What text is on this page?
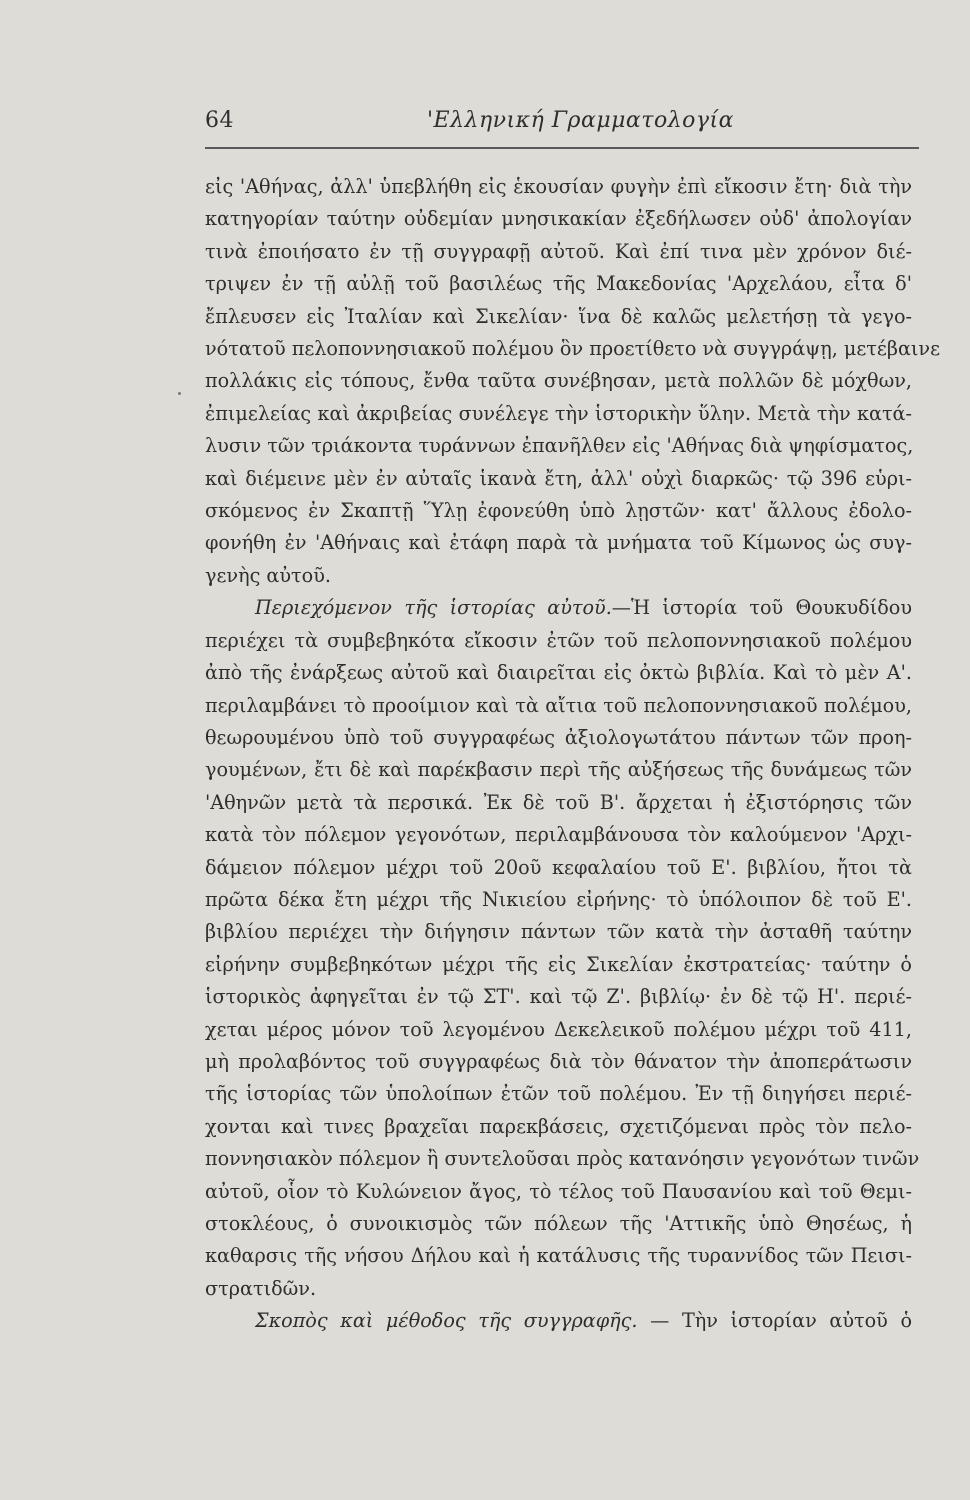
64	'Ελληνική Γραμματολογία
εἰς 'Αθήνας, ἀλλ' ὑπεβλήθη εἰς ἑκουσίαν φυγὴν ἐπὶ εἴκοσιν ἔτη· διὰ τὴν
κατηγορίαν ταύτην οὐδεμίαν μνησικακίαν ἐξεδήλωσεν οὐδ' ἀπολογίαν
τινὰ ἐποιήσατο ἐν τῇ συγγραφῇ αὐτοῦ. Καὶ ἐπί τινα μὲν χρόνον διέ-
τριψεν ἐν τῇ αὐλῇ τοῦ βασιλέως τῆς Μακεδονίας 'Αρχελάου, εἶτα δ'
ἔπλευσεν εἰς Ἰταλίαν καὶ Σικελίαν· ἵνα δὲ καλῶς μελετήσῃ τὰ γεγο-
νότατοῦ πελοποννησιακοῦ πολέμου ὃν προετίθετο νὰ συγγράψῃ, μετέβαινε
πολλάκις εἰς τόπους, ἔνθα ταῦτα συνέβησαν, μετὰ πολλῶν δὲ μόχθων,
ἐπιμελείας καὶ ἀκριβείας συνέλεγε τὴν ἱστορικὴν ὕλην. Μετὰ τὴν κατά-
λυσιν τῶν τριάκοντα τυράννων ἐπανῆλθεν εἰς 'Αθήνας διὰ ψηφίσματος,
καὶ διέμεινε μὲν ἐν αὐταῖς ἱκανὰ ἔτη, ἀλλ' οὐχὶ διαρκῶς· τῷ 396 εὑρι-
σκόμενος ἐν Σκαπτῇ Ὕλῃ ἐφονεύθη ὑπὸ λῃστῶν· κατ' ἄλλους ἐδολο-
φονήθη ἐν 'Αθήναις καὶ ἐτάφη παρὰ τὰ μνήματα τοῦ Κίμωνος ὡς συγ-
γενὴς αὐτοῦ.
Περιεχόμενον τῆς ἱστορίας αὐτοῦ.—Ἡ ἱστορία τοῦ Θουκυδίδου
περιέχει τὰ συμβεβηκότα εἴκοσιν ἐτῶν τοῦ πελοποννησιακοῦ πολέμου
ἀπὸ τῆς ἐνάρξεως αὐτοῦ καὶ διαιρεῖται εἰς ὀκτὼ βιβλία. Καὶ τὸ μὲν Α'.
περιλαμβάνει τὸ προοίμιον καὶ τὰ αἴτια τοῦ πελοποννησιακοῦ πολέμου,
θεωρουμένου ὑπὸ τοῦ συγγραφέως ἀξιολογωτάτου πάντων τῶν προη-
γουμένων, ἔτι δὲ καὶ παρέκβασιν περὶ τῆς αὐξήσεως τῆς δυνάμεως τῶν
'Αθηνῶν μετὰ τὰ περσικά. Ἐκ δὲ τοῦ Β'. ἄρχεται ἡ ἐξιστόρησις τῶν
κατὰ τὸν πόλεμον γεγονότων, περιλαμβάνουσα τὸν καλούμενον 'Αρχι-
δάμειον πόλεμον μέχρι τοῦ 20οῦ κεφαλαίου τοῦ Ε'. βιβλίου, ἤτοι τὰ
πρῶτα δέκα ἔτη μέχρι τῆς Νικιείου εἰρήνης· τὸ ὑπόλοιπον δὲ τοῦ Ε'.
βιβλίου περιέχει τὴν διήγησιν πάντων τῶν κατὰ τὴν ἀσταθῆ ταύτην
εἰρήνην συμβεβηκότων μέχρι τῆς εἰς Σικελίαν ἐκστρατείας· ταύτην ὁ
ἱστορικὸς ἀφηγεῖται ἐν τῷ ΣΤ'. καὶ τῷ Ζ'. βιβλίῳ· ἐν δὲ τῷ Η'. περιέ-
χεται μέρος μόνον τοῦ λεγομένου Δεκελεικοῦ πολέμου μέχρι τοῦ 411,
μὴ προλαβόντος τοῦ συγγραφέως διὰ τὸν θάνατον τὴν ἀποπεράτωσιν
τῆς ἱστορίας τῶν ὑπολοίπων ἐτῶν τοῦ πολέμου. Ἐν τῇ διηγήσει περιέ-
χονται καὶ τινες βραχεῖαι παρεκβάσεις, σχετιζόμεναι πρὸς τὸν πελο-
ποννησιακὸν πόλεμον ἢ συντελοῦσαι πρὸς κατανόησιν γεγονότων τινῶν
αὐτοῦ, οἷον τὸ Κυλώνειον ἄγος, τὸ τέλος τοῦ Παυσανίου καὶ τοῦ Θεμι-
στοκλέους, ὁ συνοικισμὸς τῶν πόλεων τῆς 'Αττικῆς ὑπὸ Θησέως, ἡ
καθαρσις τῆς νήσου Δήλου καὶ ἡ κατάλυσις τῆς τυραννίδος τῶν Πεισι-
στρατιδῶν.
Σκοπὸς καὶ μέθοδος τῆς συγγραφῆς. — Τὴν ἱστορίαν αὐτοῦ ὁ
